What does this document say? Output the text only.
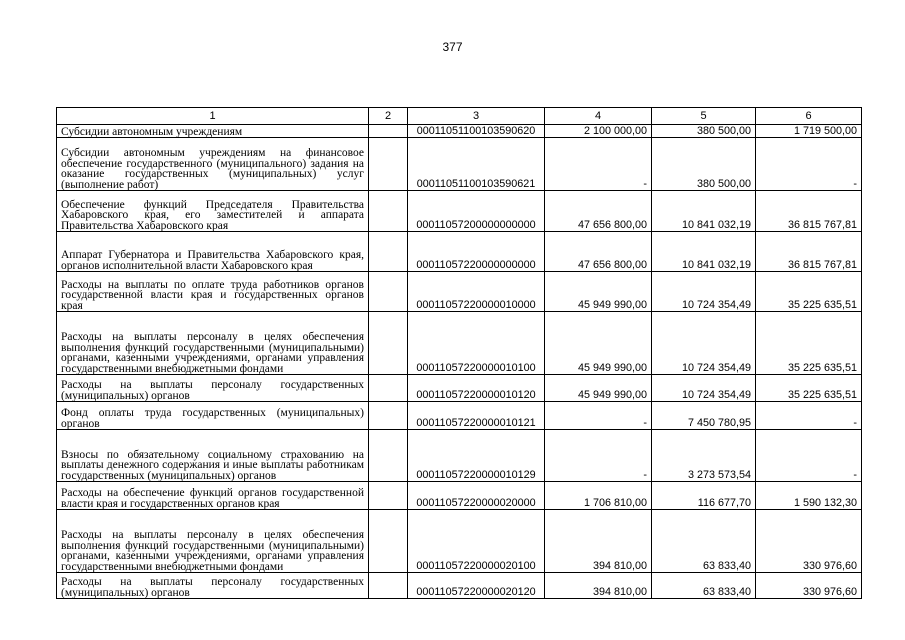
377
1	2	3	4	5	6
Субсидии автономным учреждениям		00011051100103590620	2 100 000,00	380 500,00	1 719 500,00
Субсидии автономным учреждениям на финансовое обеспечение государственного (муниципального) задания на оказание государственных (муниципальных) услуг (выполнение работ)		00011051100103590621	-	380 500,00	-
Обеспечение функций Председателя Правительства Хабаровского края, его заместителей и аппарата Правительства Хабаровского края		00011057200000000000	47 656 800,00	10 841 032,19	36 815 767,81
Аппарат Губернатора и Правительства Хабаровского края, органов исполнительной власти Хабаровского края		00011057220000000000	47 656 800,00	10 841 032,19	36 815 767,81
Расходы на выплаты по оплате труда работников органов государственной власти края и государственных органов края		00011057220000010000	45 949 990,00	10 724 354,49	35 225 635,51
Расходы на выплаты персоналу в целях обеспечения выполнения функций государственными (муниципальными) органами, казенными учреждениями, органами управления государственными внебюджетными фондами		00011057220000010100	45 949 990,00	10 724 354,49	35 225 635,51
Расходы на выплаты персоналу государственных (муниципальных) органов		00011057220000010120	45 949 990,00	10 724 354,49	35 225 635,51
Фонд оплаты труда государственных (муниципальных) органов		00011057220000010121	-	7 450 780,95	-
Взносы по обязательному социальному страхованию на выплаты денежного содержания и иные выплаты работникам государственных (муниципальных) органов		00011057220000010129	-	3 273 573,54	-
Расходы на обеспечение функций органов государственной власти края и государственных органов края		00011057220000020000	1 706 810,00	116 677,70	1 590 132,30
Расходы на выплаты персоналу в целях обеспечения выполнения функций государственными (муниципальными) органами, казенными учреждениями, органами управления государственными внебюджетными фондами		00011057220000020100	394 810,00	63 833,40	330 976,60
Расходы на выплаты персоналу государственных (муниципальных) органов		00011057220000020120	394 810,00	63 833,40	330 976,60
